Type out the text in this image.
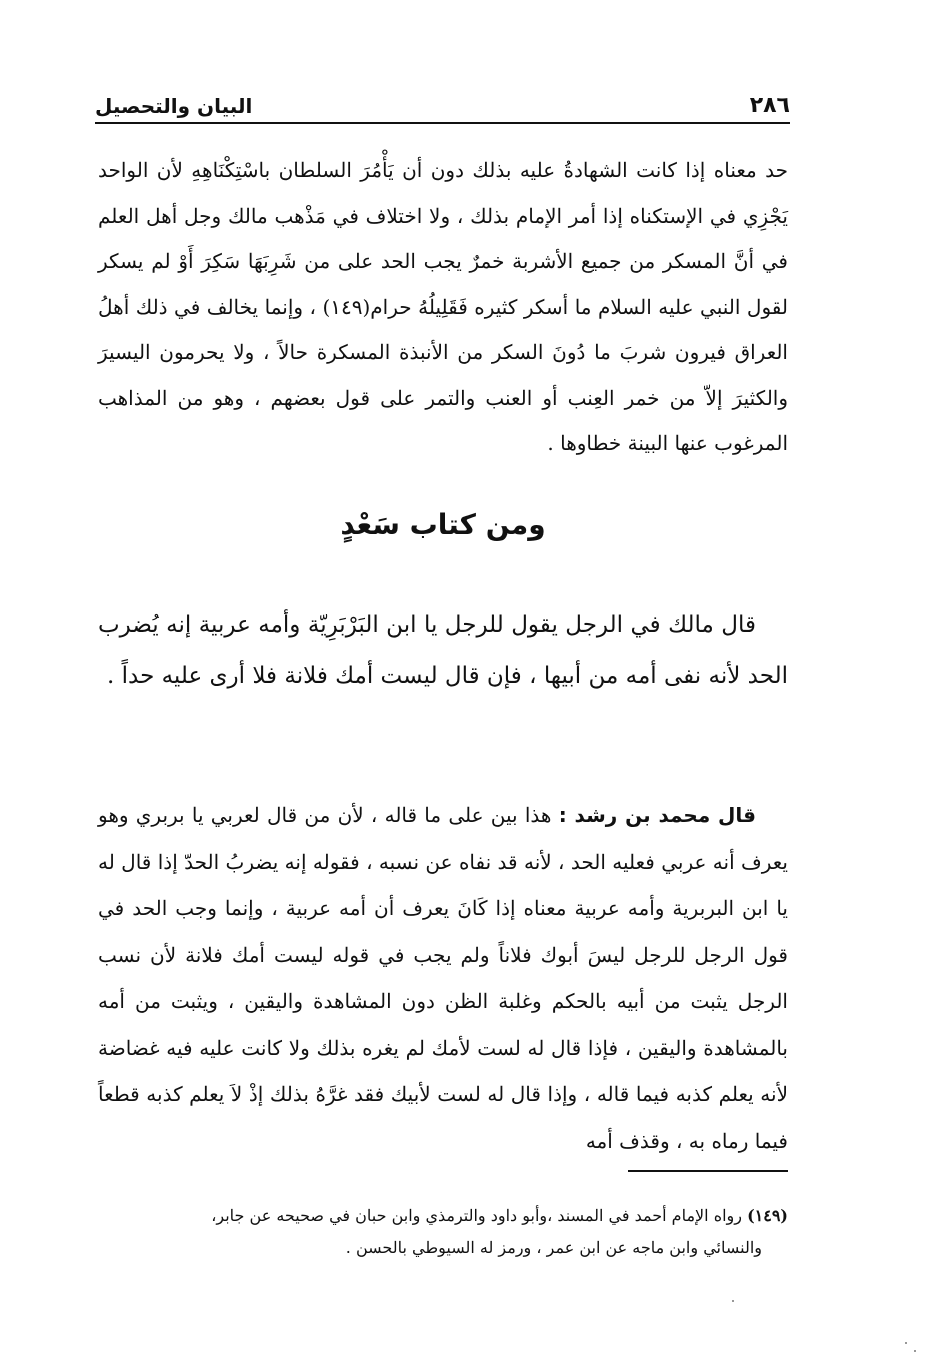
٢٨٦
البيان والتحصيل

حد معناه إذا كانت الشهادةُ عليه بذلك دون أن يَأْمُرَ السلطان باسْتِكْنَاهِهِ لأن الواحد يَجْزِي في الإستكناه إذا أمر الإمام بذلك ، ولا اختلاف في مَذْهب مالك وجل أهل العلم في أنَّ المسكر من جميع الأشربة خمرٌ يجب الحد على من شَرِبَهَا سَكِرَ أَوْ لم يسكر لقول النبي عليه السلام ما أسكر كثيره فَقَلِيلُهُ حرام(١٤٩) ، وإنما يخالف في ذلك أهلُ العراق فيرون شربَ ما دُونَ السكر من الأنبذة المسكرة حالاً ، ولا يحرمون اليسيرَ والكثيرَ إلاّ من خمر العِنب أو العنب والتمر على قول بعضهم ، وهو من المذاهب المرغوب عنها البينة خطاوها .

ومن كتاب سَعْدٍ

قال مالك في الرجل يقول للرجل يا ابن البَرْبَرِيّة وأمه عربية إنه يُضرب الحد لأنه نفى أمه من أبيها ، فإن قال ليست أمك فلانة فلا أرى عليه حداً .

قال محمد بن رشد : هذا بين على ما قاله ، لأن من قال لعربي يا بربري وهو يعرف أنه عربي فعليه الحد ، لأنه قد نفاه عن نسبه ، فقوله إنه يضربُ الحدّ إذا قال له يا ابن البربرية وأمه عربية معناه إذا كَانَ يعرف أن أمه عربية ، وإنما وجب الحد في قول الرجل للرجل ليسَ أبوك فلاناً ولم يجب في قوله ليست أمك فلانة لأن نسب الرجل يثبت من أبيه بالحكم وغلبة الظن دون المشاهدة واليقين ، ويثبت من أمه بالمشاهدة واليقين ، فإذا قال له لست لأمك لم يغره بذلك ولا كانت عليه فيه غضاضة لأنه يعلم كذبه فيما قاله ، وإذا قال له لست لأبيك فقد غرَّهُ بذلك إذْ لاَ يعلم كذبه قطعاً فيما رماه به ، وقذف أمه

(١٤٩) رواه الإمام أحمد في المسند ،وأبو داود والترمذي وابن حبان في صحيحه عن جابر،
والنسائي وابن ماجه عن ابن عمر ، ورمز له السيوطي بالحسن .
